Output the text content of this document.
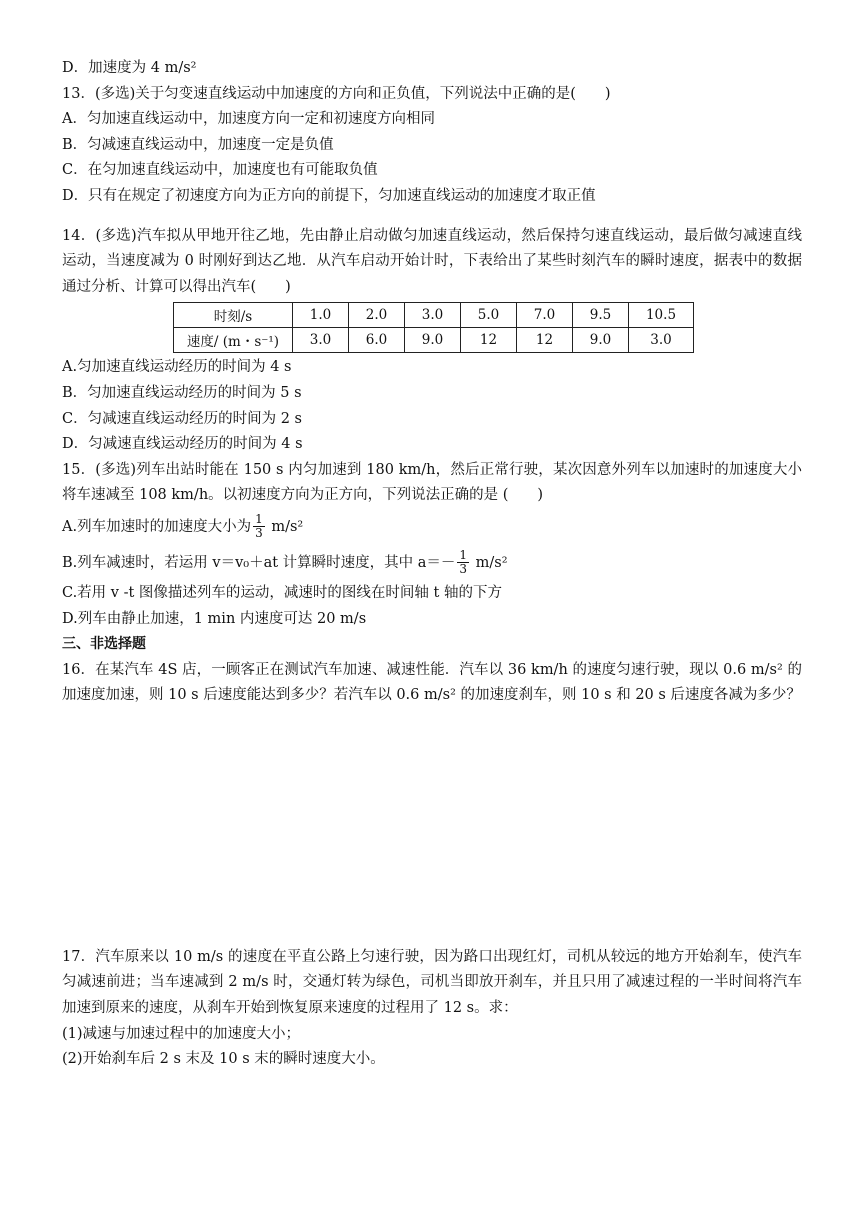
D．加速度为 4 m/s²

13．(多选)关于匀变速直线运动中加速度的方向和正负值，下列说法中正确的是(　　)

A．匀加速直线运动中，加速度方向一定和初速度方向相同

B．匀减速直线运动中，加速度一定是负值

C．在匀加速直线运动中，加速度也有可能取负值

D．只有在规定了初速度方向为正方向的前提下，匀加速直线运动的加速度才取正值

14．(多选)汽车拟从甲地开往乙地，先由静止启动做匀加速直线运动，然后保持匀速直线运动，最后做匀减速直线运动，当速度减为 0 时刚好到达乙地．从汽车启动开始计时，下表给出了某些时刻汽车的瞬时速度，据表中的数据通过分析、计算可以得出汽车(　　)

时刻/s	1.0	2.0	3.0	5.0	7.0	9.5	10.5
速度/ (m・s⁻¹)	3.0	6.0	9.0	12	12	9.0	3.0

A.匀加速直线运动经历的时间为 4 s

B．匀加速直线运动经历的时间为 5 s

C．匀减速直线运动经历的时间为 2 s

D．匀减速直线运动经历的时间为 4 s

15．(多选)列车出站时能在 150 s 内匀加速到 180 km/h，然后正常行驶，某次因意外列车以加速时的加速度大小将车速减至 108 km/h。以初速度方向为正方向，下列说法正确的是 (　　)

A.列车加速时的加速度大小为 $\frac{1}{3} m/s^2$

B.列车减速时，若运用 v＝v₀＋at 计算瞬时速度，其中 $a=- \frac{1}{3} m/s^2$

C.若用 v -t 图像描述列车的运动，减速时的图线在时间轴 t 轴的下方

D.列车由静止加速，1 min 内速度可达 20 m/s

三、非选择题

16．在某汽车 4S 店，一顾客正在测试汽车加速、减速性能．汽车以 36 km/h 的速度匀速行驶，现以 0.6 m/s² 的加速度加速，则 10 s 后速度能达到多少？若汽车以 0.6 m/s² 的加速度刹车，则 10 s 和 20 s 后速度各减为多少？

17．汽车原来以 10 m/s 的速度在平直公路上匀速行驶，因为路口出现红灯，司机从较远的地方开始刹车，使汽车匀减速前进；当车速减到 2 m/s 时，交通灯转为绿色，司机当即放开刹车，并且只用了减速过程的一半时间将汽车加速到原来的速度，从刹车开始到恢复原来速度的过程用了 12 s。求：

(1)减速与加速过程中的加速度大小；

(2)开始刹车后 2 s 末及 10 s 末的瞬时速度大小。
